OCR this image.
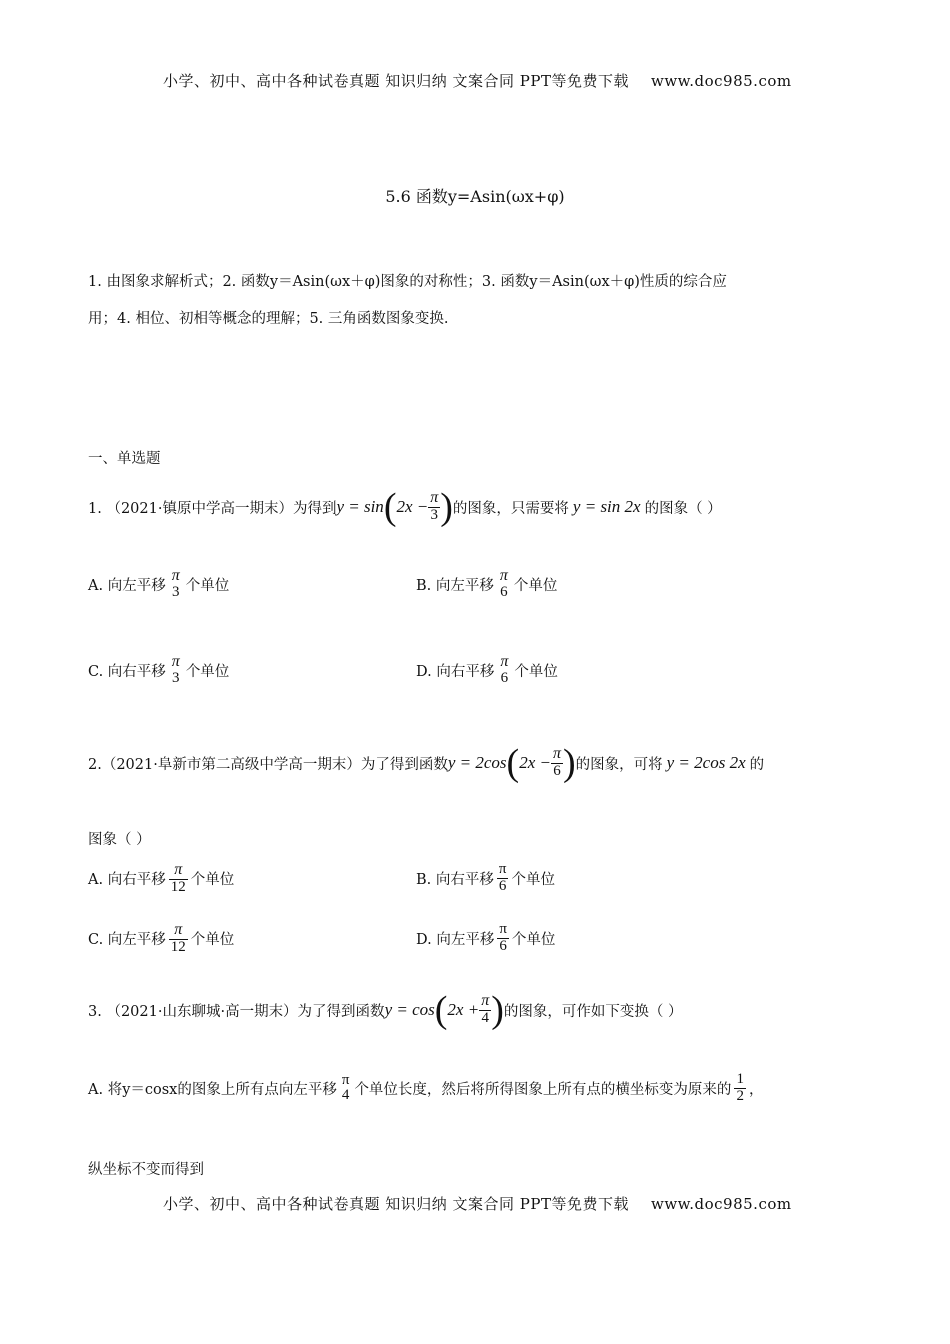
小学、初中、高中各种试卷真题 知识归纳 文案合同 PPT等免费下载 www.doc985.com
5.6 函数y=Asin(ωx+φ)
1. 由图象求解析式；2. 函数y＝Asin(ωx＋φ)图象的对称性；3. 函数y＝Asin(ωx＋φ)性质的综合应
用；4. 相位、初相等概念的理解；5. 三角函数图象变换.
一、单选题
1. （2021·镇原中学高一期末）为得到 y = sin ( $2x - \frac{\pi}{3}$ ) 的图象，只需要将 y = sin 2x 的图象（ ）
A. 向左平移
π
3 个单位	B. 向左平移
π
6 个单位
C. 向右平移
π
3 个单位	D. 向右平移
π
6 个单位
2.（2021·阜新市第二高级中学高一期末）为了得到函数 y = 2cos ( $2x - \frac{\pi}{6}$ ) 的图象，可将 y = 2cos 2x 的
图象（ ）
A. 向右平移 $\frac{\pi}{12}$ 个单位	B. 向右平移 $\frac{\pi}{6}$ 个单位
C. 向左平移 $\frac{\pi}{12}$ 个单位	D. 向左平移 $\frac{\pi}{6}$ 个单位
3. （2021·山东聊城·高一期末）为了得到函数 y = cos ( $2x + \frac{\pi}{4}$ ) 的图象，可作如下变换（ ）
A. 将y＝cosx的图象上所有点向左平移
π
4 个单位长度，然后将所得图象上所有点的横坐标变为原来的 $\frac{1}{2}$ ，
纵坐标不变而得到
小学、初中、高中各种试卷真题 知识归纳 文案合同 PPT等免费下载 www.doc985.com
